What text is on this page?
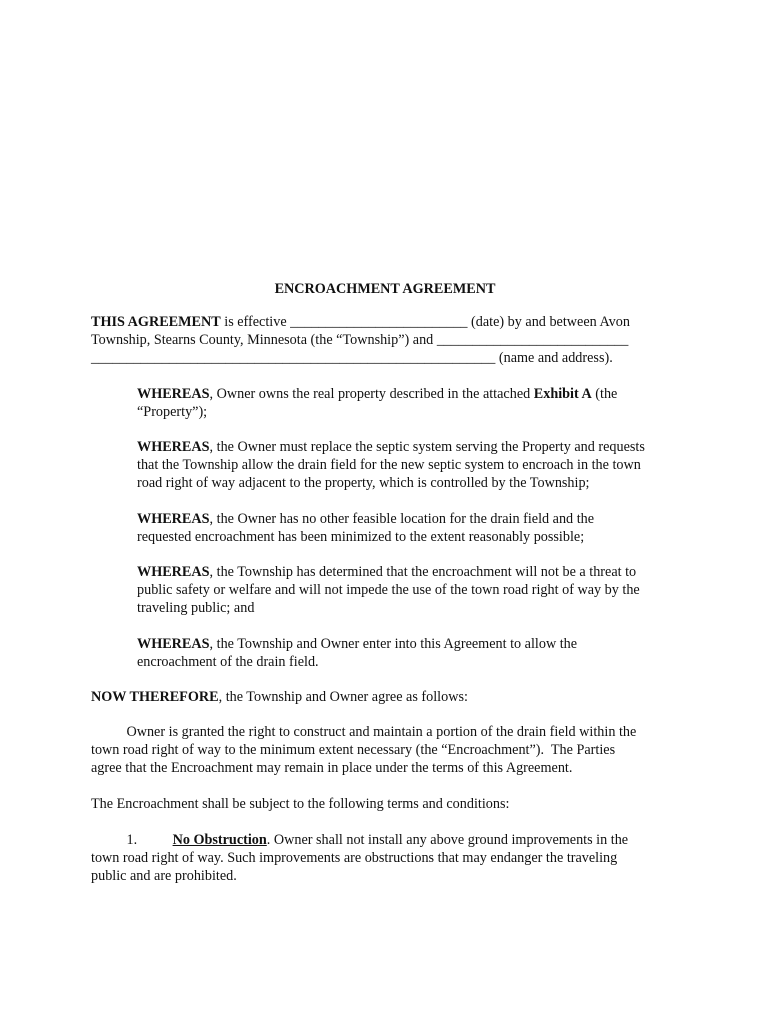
ENCROACHMENT AGREEMENT
THIS AGREEMENT is effective _________________________ (date) by and between Avon
Township, Stearns County, Minnesota (the “Township”) and ___________________________
_________________________________________________________ (name and address).
WHEREAS, Owner owns the real property described in the attached Exhibit A (the
“Property”);
WHEREAS, the Owner must replace the septic system serving the Property and requests
that the Township allow the drain field for the new septic system to encroach in the town
road right of way adjacent to the property, which is controlled by the Township;
WHEREAS, the Owner has no other feasible location for the drain field and the
requested encroachment has been minimized to the extent reasonably possible;
WHEREAS, the Township has determined that the encroachment will not be a threat to
public safety or welfare and will not impede the use of the town road right of way by the
traveling public; and
WHEREAS, the Township and Owner enter into this Agreement to allow the
encroachment of the drain field.
NOW THEREFORE, the Township and Owner agree as follows:
Owner is granted the right to construct and maintain a portion of the drain field within the
town road right of way to the minimum extent necessary (the “Encroachment”).  The Parties
agree that the Encroachment may remain in place under the terms of this Agreement.
The Encroachment shall be subject to the following terms and conditions:
1.          No Obstruction. Owner shall not install any above ground improvements in the
town road right of way. Such improvements are obstructions that may endanger the traveling
public and are prohibited.
